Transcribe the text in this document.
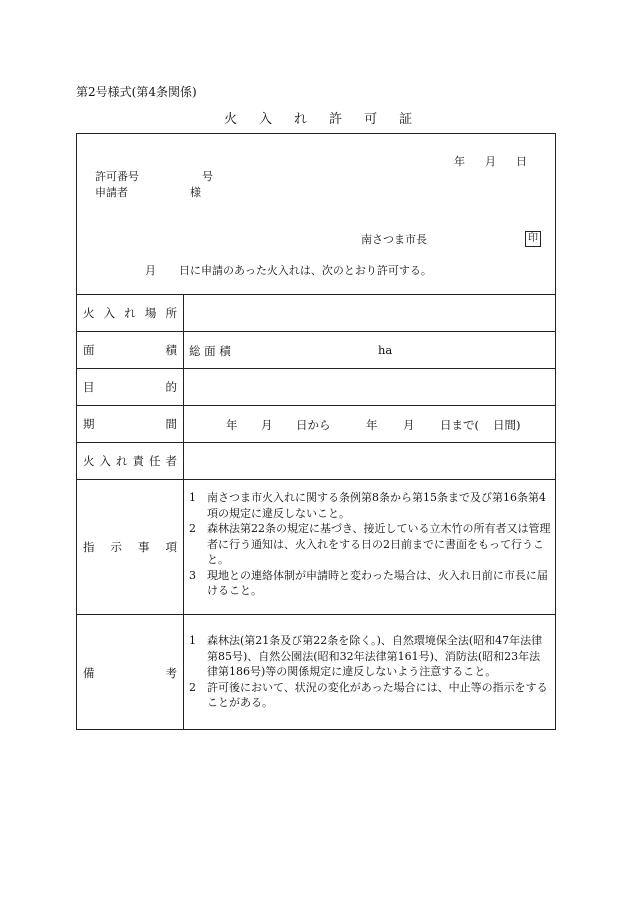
第2号様式(第4条関係)
火 入 れ 許 可 証
年 月 日
許可番号	号
申請者	様
南さつま市長	印
月 日に申請のあった火入れは、次のとおり許可する。
火 入 れ 場 所
面	積 総 面 積	ha
目	的
期	間	年 月 日から	年 月 日まで( 日間)
火 入 れ 責 任 者
指 示 事 項
1	南さつま市火入れに関する条例第8条から第15条まで及び第16条第4項の規定に違反しないこと。
2	森林法第22条の規定に基づき、接近している立木竹の所有者又は管理者に行う通知は、火入れをする日の2日前までに書面をもって行うこと。
3	現地との連絡体制が申請時と変わった場合は、火入れ日前に市長に届けること。
備	考
1	森林法(第21条及び第22条を除く。)、自然環境保全法(昭和47年法律第85号)、自然公園法(昭和32年法律第161号)、消防法(昭和23年法律第186号)等の関係規定に違反しないよう注意すること。
2	許可後において、状況の変化があった場合には、中止等の指示をすることがある。
